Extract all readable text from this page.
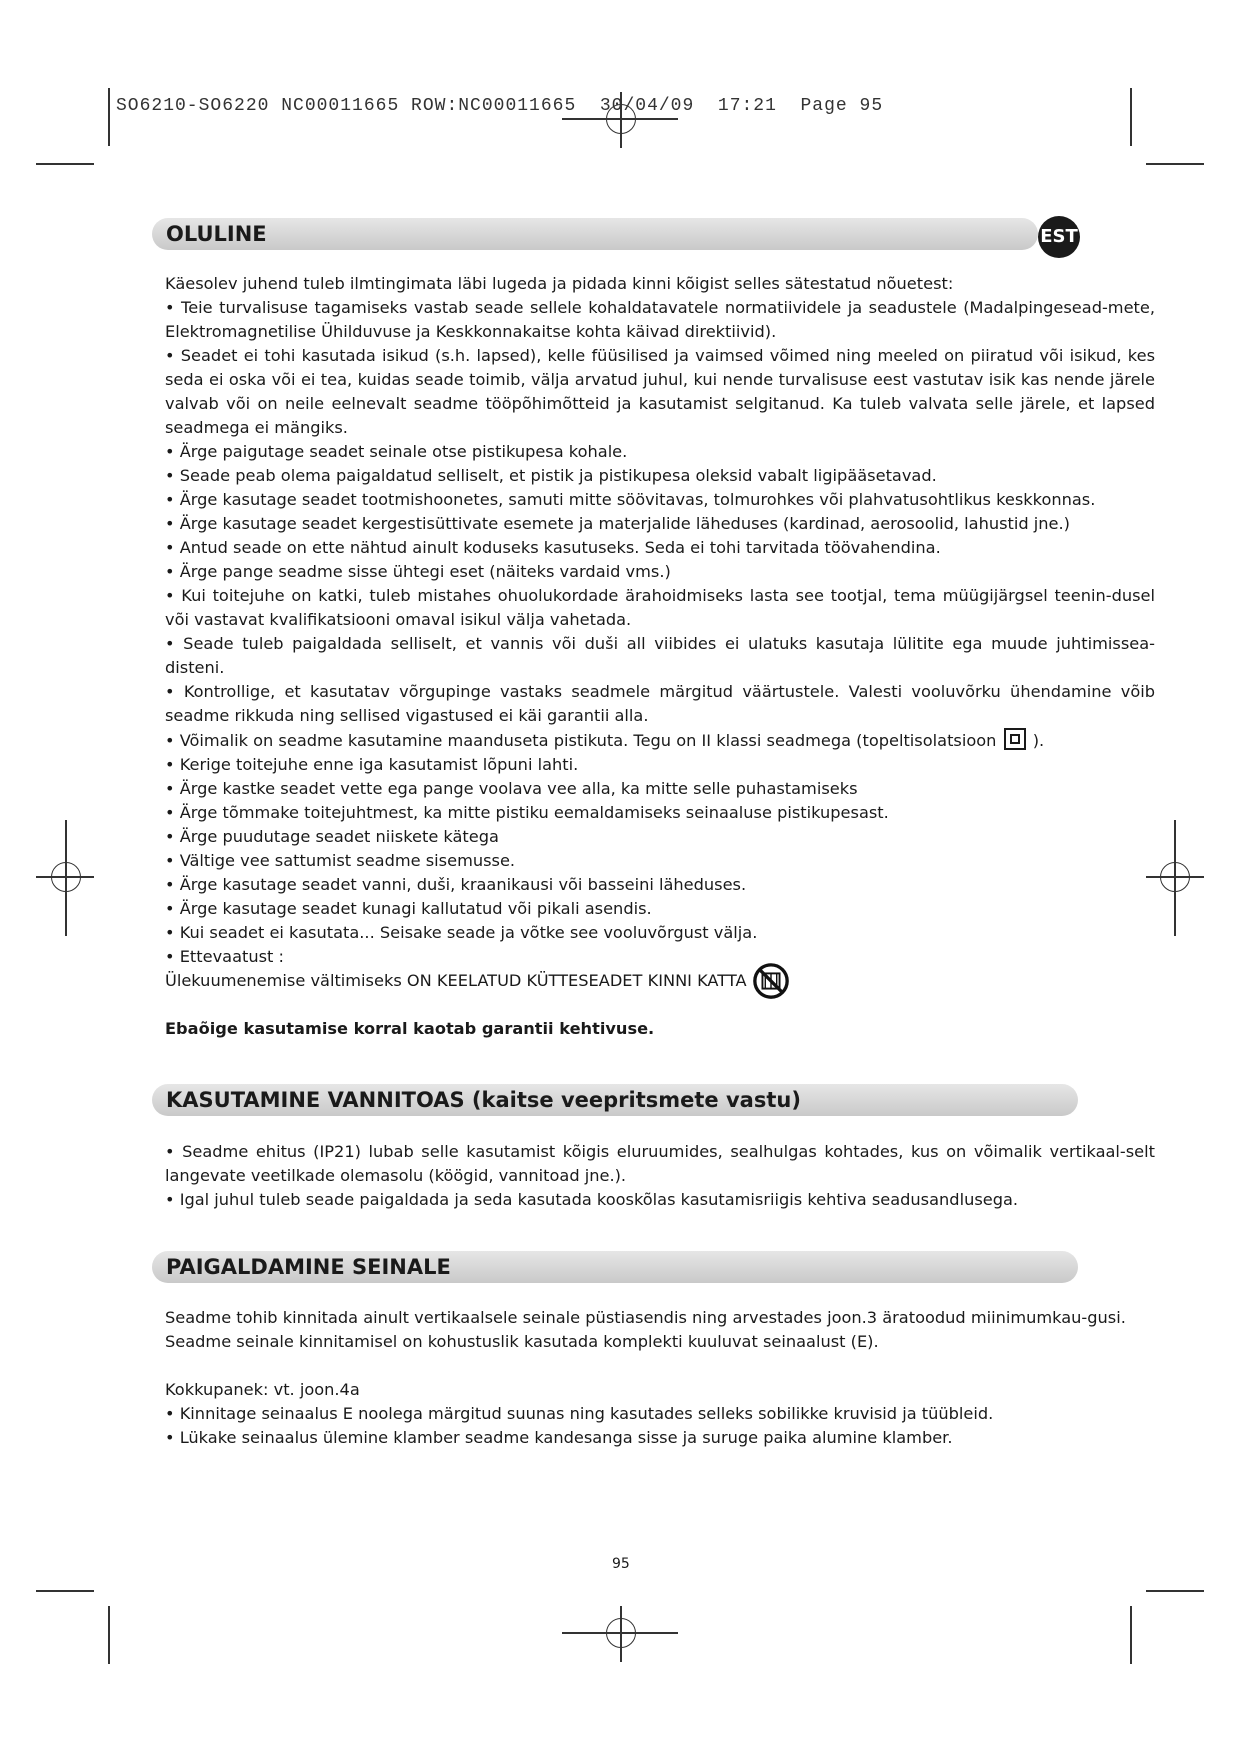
SO6210-SO6220 NC00011665 ROW:NC00011665  30/04/09  17:21  Page 95
OLULINE	EST

Käesolev juhend tuleb ilmtingimata läbi lugeda ja pidada kinni kõigist selles sätestatud nõuetest:

• Teie turvalisuse tagamiseks vastab seade sellele kohaldatavatele normatiividele ja seadustele (Madalpingesead-mete, Elektromagnetilise Ühilduvuse ja Keskkonnakaitse kohta käivad direktiivid).

• Seadet ei tohi kasutada isikud (s.h. lapsed), kelle füüsilised ja vaimsed võimed ning meeled on piiratud või isikud, kes seda ei oska või ei tea, kuidas seade toimib, välja arvatud juhul, kui nende turvalisuse eest vastutav isik kas nende järele valvab või on neile eelnevalt seadme tööpõhimõtteid ja kasutamist selgitanud. Ka tuleb valvata selle järele, et lapsed seadmega ei mängiks.

• Ärge paigutage seadet seinale otse pistikupesa kohale.

• Seade peab olema paigaldatud selliselt, et pistik ja pistikupesa oleksid vabalt ligipääsetavad.

• Ärge kasutage seadet tootmishoonetes, samuti mitte söövitavas, tolmurohkes või plahvatusohtlikus keskkonnas.

• Ärge kasutage seadet kergestisüttivate esemete ja materjalide läheduses (kardinad, aerosoolid, lahustid jne.)

• Antud seade on ette nähtud ainult koduseks kasutuseks. Seda ei tohi tarvitada töövahendina.

• Ärge pange seadme sisse ühtegi eset (näiteks vardaid vms.)

• Kui toitejuhe on katki, tuleb mistahes ohuolukordade ärahoidmiseks lasta see tootjal, tema müügijärgsel teenin-dusel või vastavat kvalifikatsiooni omaval isikul välja vahetada.

• Seade tuleb paigaldada selliselt, et vannis või duši all viibides ei ulatuks kasutaja lülitite ega muude juhtimissea-disteni.

• Kontrollige, et kasutatav võrgupinge vastaks seadmele märgitud väärtustele. Valesti vooluvõrku ühendamine võib seadme rikkuda ning sellised vigastused ei käi garantii alla.

• Võimalik on seadme kasutamine maanduseta pistikuta. Tegu on II klassi seadmega (topeltisolatsioon ).

• Kerige toitejuhe enne iga kasutamist lõpuni lahti.

• Ärge kastke seadet vette ega pange voolava vee alla, ka mitte selle puhastamiseks

• Ärge tõmmake toitejuhtmest, ka mitte pistiku eemaldamiseks seinaaluse pistikupesast.

• Ärge puudutage seadet niiskete kätega

• Vältige vee sattumist seadme sisemusse.

• Ärge kasutage seadet vanni, duši, kraanikausi või basseini läheduses.

• Ärge kasutage seadet kunagi kallutatud või pikali asendis.

• Kui seadet ei kasutata... Seisake seade ja võtke see vooluvõrgust välja.

• Ettevaatust :

Ülekuumenemise vältimiseks ON KEELATUD KÜTTESEADET KINNI KATTA

Ebaõige kasutamise korral kaotab garantii kehtivuse.

KASUTAMINE VANNITOAS (kaitse veepritsmete vastu)

• Seadme ehitus (IP21) lubab selle kasutamist kõigis eluruumides, sealhulgas kohtades, kus on võimalik vertikaal-selt langevate veetilkade olemasolu (köögid, vannitoad jne.).

• Igal juhul tuleb seade paigaldada ja seda kasutada kooskõlas kasutamisriigis kehtiva seadusandlusega.

PAIGALDAMINE SEINALE

Seadme tohib kinnitada ainult vertikaalsele seinale püstiasendis ning arvestades joon.3 äratoodud miinimumkau-gusi.

Seadme seinale kinnitamisel on kohustuslik kasutada komplekti kuuluvat seinaalust (E).

Kokkupanek: vt. joon.4a

• Kinnitage seinaalus E noolega märgitud suunas ning kasutades selleks sobilikke kruvisid ja tüübleid.

• Lükake seinaalus ülemine klamber seadme kandesanga sisse ja suruge paika alumine klamber.

95
